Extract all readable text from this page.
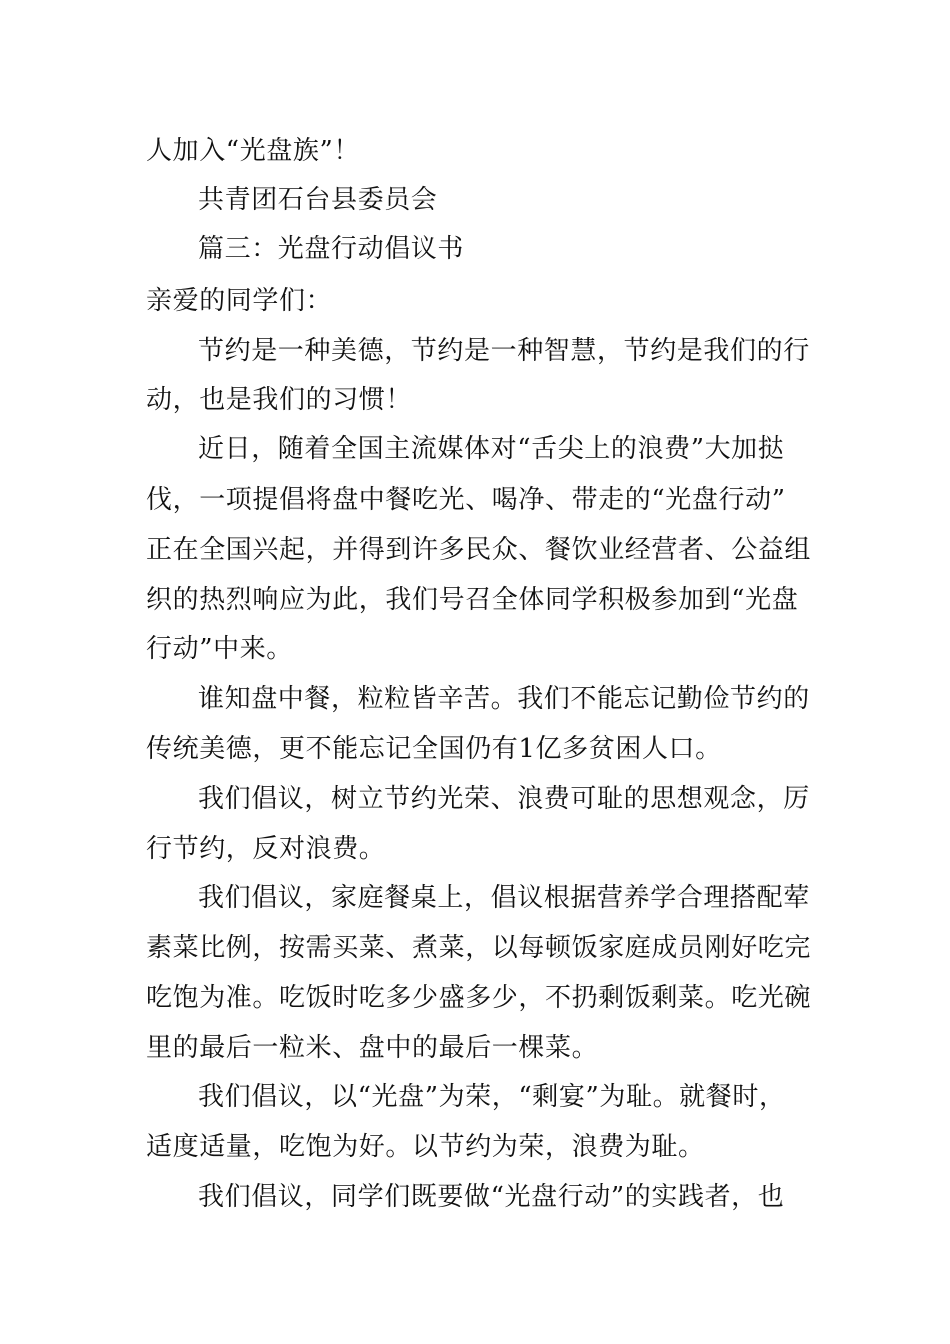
人加入“光盘族”！
共青团石台县委员会
篇三：光盘行动倡议书
亲爱的同学们：
节约是一种美德，节约是一种智慧，节约是我们的行
动，也是我们的习惯！
近日，随着全国主流媒体对“舌尖上的浪费”大加挞
伐，一项提倡将盘中餐吃光、喝净、带走的“光盘行动”
正在全国兴起，并得到许多民众、餐饮业经营者、公益组
织的热烈响应为此，我们号召全体同学积极参加到“光盘
行动”中来。
谁知盘中餐，粒粒皆辛苦。我们不能忘记勤俭节约的
传统美德，更不能忘记全国仍有1亿多贫困人口。
我们倡议，树立节约光荣、浪费可耻的思想观念，厉
行节约，反对浪费。
我们倡议，家庭餐桌上，倡议根据营养学合理搭配荤
素菜比例，按需买菜、煮菜，以每顿饭家庭成员刚好吃完
吃饱为准。吃饭时吃多少盛多少，不扔剩饭剩菜。吃光碗
里的最后一粒米、盘中的最后一棵菜。
我们倡议，以“光盘”为荣，“剩宴”为耻。就餐时，
适度适量，吃饱为好。以节约为荣，浪费为耻。
我们倡议，同学们既要做“光盘行动”的实践者，也
